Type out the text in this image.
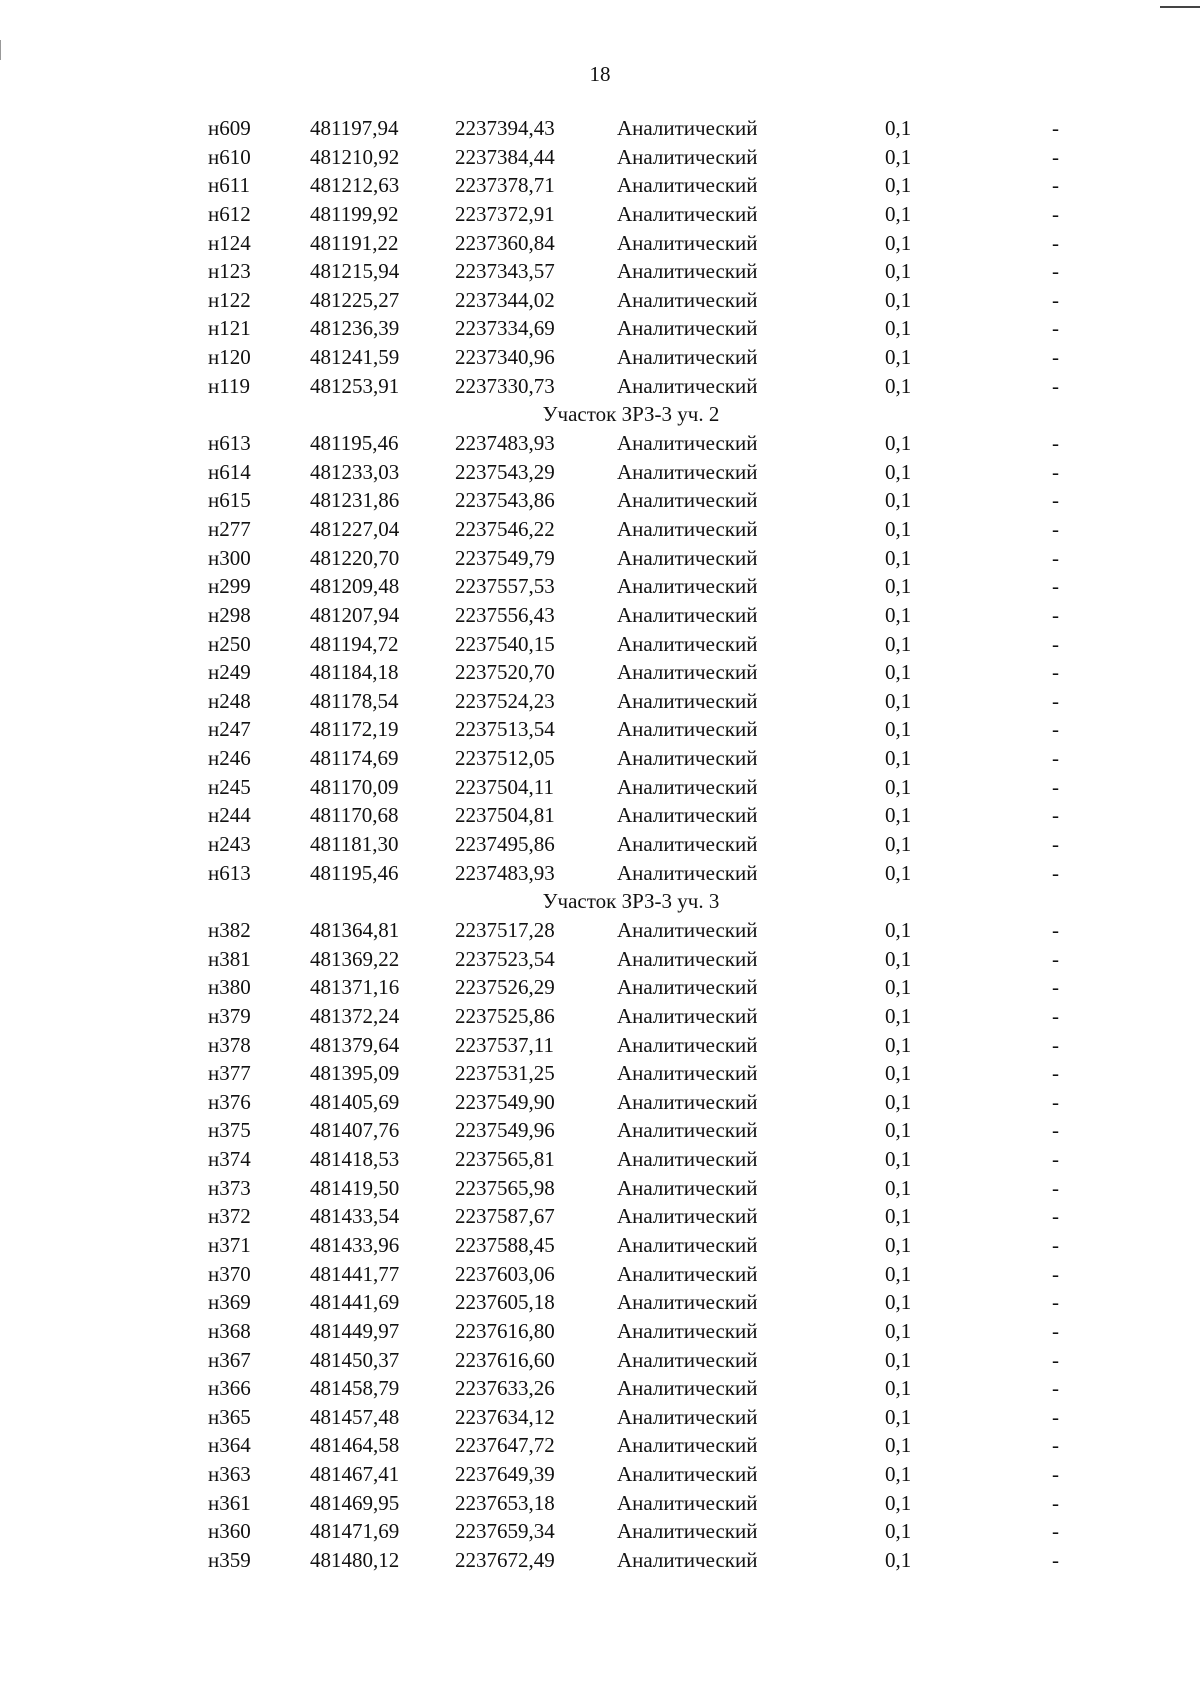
18
н609	481197,94	2237394,43	Аналитический	0,1	-
н610	481210,92	2237384,44	Аналитический	0,1	-
н611	481212,63	2237378,71	Аналитический	0,1	-
н612	481199,92	2237372,91	Аналитический	0,1	-
н124	481191,22	2237360,84	Аналитический	0,1	-
н123	481215,94	2237343,57	Аналитический	0,1	-
н122	481225,27	2237344,02	Аналитический	0,1	-
н121	481236,39	2237334,69	Аналитический	0,1	-
н120	481241,59	2237340,96	Аналитический	0,1	-
н119	481253,91	2237330,73	Аналитический	0,1	-
Участок ЗРЗ-3 уч. 2
н613	481195,46	2237483,93	Аналитический	0,1	-
н614	481233,03	2237543,29	Аналитический	0,1	-
н615	481231,86	2237543,86	Аналитический	0,1	-
н277	481227,04	2237546,22	Аналитический	0,1	-
н300	481220,70	2237549,79	Аналитический	0,1	-
н299	481209,48	2237557,53	Аналитический	0,1	-
н298	481207,94	2237556,43	Аналитический	0,1	-
н250	481194,72	2237540,15	Аналитический	0,1	-
н249	481184,18	2237520,70	Аналитический	0,1	-
н248	481178,54	2237524,23	Аналитический	0,1	-
н247	481172,19	2237513,54	Аналитический	0,1	-
н246	481174,69	2237512,05	Аналитический	0,1	-
н245	481170,09	2237504,11	Аналитический	0,1	-
н244	481170,68	2237504,81	Аналитический	0,1	-
н243	481181,30	2237495,86	Аналитический	0,1	-
н613	481195,46	2237483,93	Аналитический	0,1	-
Участок ЗРЗ-3 уч. 3
н382	481364,81	2237517,28	Аналитический	0,1	-
н381	481369,22	2237523,54	Аналитический	0,1	-
н380	481371,16	2237526,29	Аналитический	0,1	-
н379	481372,24	2237525,86	Аналитический	0,1	-
н378	481379,64	2237537,11	Аналитический	0,1	-
н377	481395,09	2237531,25	Аналитический	0,1	-
н376	481405,69	2237549,90	Аналитический	0,1	-
н375	481407,76	2237549,96	Аналитический	0,1	-
н374	481418,53	2237565,81	Аналитический	0,1	-
н373	481419,50	2237565,98	Аналитический	0,1	-
н372	481433,54	2237587,67	Аналитический	0,1	-
н371	481433,96	2237588,45	Аналитический	0,1	-
н370	481441,77	2237603,06	Аналитический	0,1	-
н369	481441,69	2237605,18	Аналитический	0,1	-
н368	481449,97	2237616,80	Аналитический	0,1	-
н367	481450,37	2237616,60	Аналитический	0,1	-
н366	481458,79	2237633,26	Аналитический	0,1	-
н365	481457,48	2237634,12	Аналитический	0,1	-
н364	481464,58	2237647,72	Аналитический	0,1	-
н363	481467,41	2237649,39	Аналитический	0,1	-
н361	481469,95	2237653,18	Аналитический	0,1	-
н360	481471,69	2237659,34	Аналитический	0,1	-
н359	481480,12	2237672,49	Аналитический	0,1	-
